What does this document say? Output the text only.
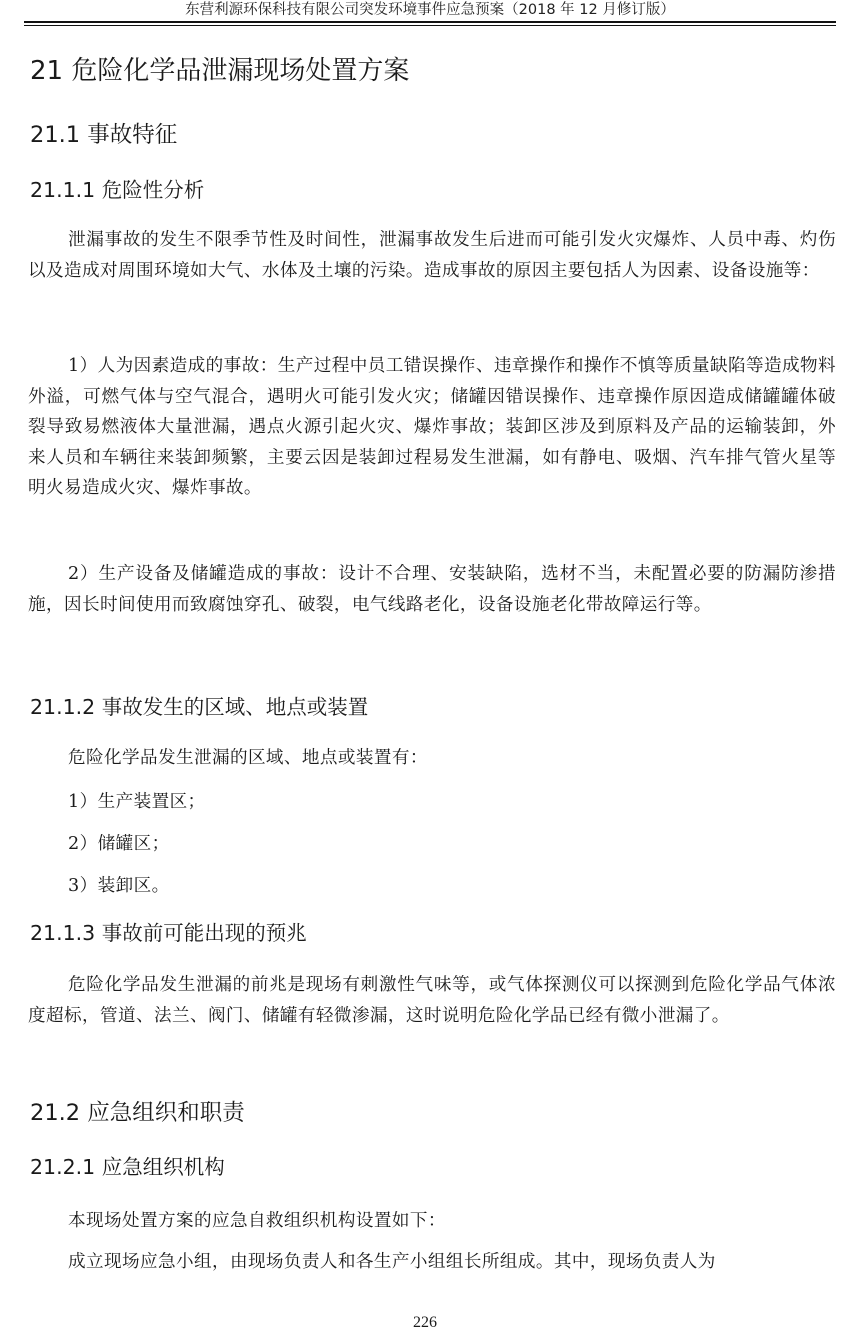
东营利源环保科技有限公司突发环境事件应急预案（2018 年 12 月修订版）
21 危险化学品泄漏现场处置方案
21.1 事故特征
21.1.1 危险性分析

泄漏事故的发生不限季节性及时间性，泄漏事故发生后进而可能引发火灾爆炸、人员中毒、灼伤以及造成对周围环境如大气、水体及土壤的污染。造成事故的原因主要包括人为因素、设备设施等：

1）人为因素造成的事故：生产过程中员工错误操作、违章操作和操作不慎等质量缺陷等造成物料外溢，可燃气体与空气混合，遇明火可能引发火灾；储罐因错误操作、违章操作原因造成储罐罐体破裂导致易燃液体大量泄漏，遇点火源引起火灾、爆炸事故；装卸区涉及到原料及产品的运输装卸，外来人员和车辆往来装卸频繁，主要云因是装卸过程易发生泄漏，如有静电、吸烟、汽车排气管火星等明火易造成火灾、爆炸事故。

2）生产设备及储罐造成的事故：设计不合理、安装缺陷，选材不当，未配置必要的防漏防渗措施，因长时间使用而致腐蚀穿孔、破裂，电气线路老化，设备设施老化带故障运行等。

21.1.2 事故发生的区域、地点或装置

危险化学品发生泄漏的区域、地点或装置有：

1）生产装置区；

2）储罐区；

3）装卸区。

21.1.3 事故前可能出现的预兆

危险化学品发生泄漏的前兆是现场有刺激性气味等，或气体探测仪可以探测到危险化学品气体浓度超标，管道、法兰、阀门、储罐有轻微渗漏，这时说明危险化学品已经有微小泄漏了。

21.2 应急组织和职责
21.2.1 应急组织机构

本现场处置方案的应急自救组织机构设置如下：

成立现场应急小组，由现场负责人和各生产小组组长所组成。其中，现场负责人为

226
